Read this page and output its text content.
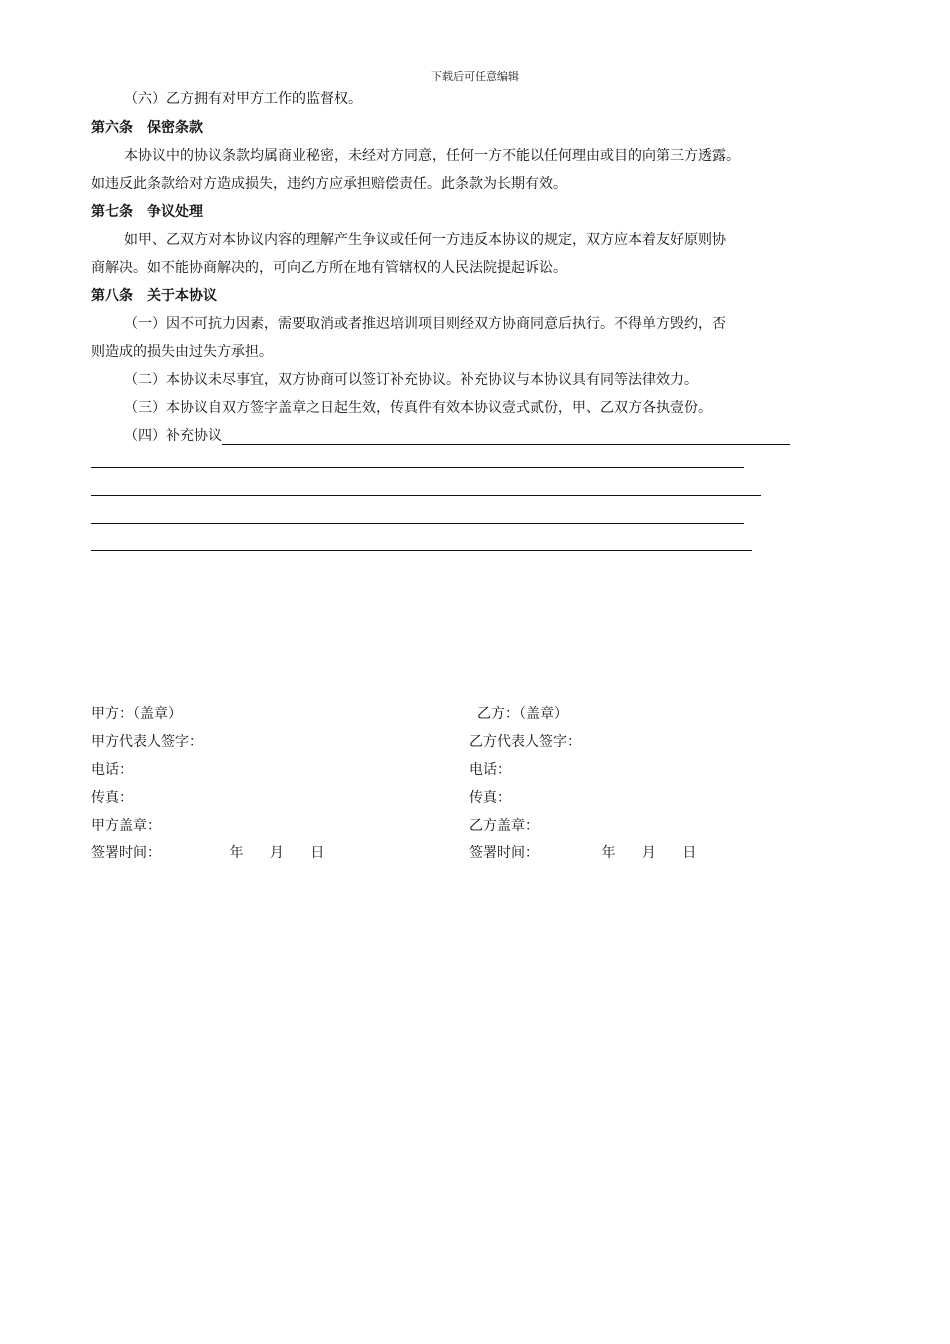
下载后可任意编辑
（六）乙方拥有对甲方工作的监督权。
第六条　保密条款
本协议中的协议条款均属商业秘密，未经对方同意，任何一方不能以任何理由或目的向第三方透露。
如违反此条款给对方造成损失，违约方应承担赔偿责任。此条款为长期有效。
第七条　争议处理
如甲、乙双方对本协议内容的理解产生争议或任何一方违反本协议的规定，双方应本着友好原则协
商解决。如不能协商解决的，可向乙方所在地有管辖权的人民法院提起诉讼。
第八条　关于本协议
（一）因不可抗力因素，需要取消或者推迟培训项目则经双方协商同意后执行。不得单方毁约，否
则造成的损失由过失方承担。
（二）本协议未尽事宜，双方协商可以签订补充协议。补充协议与本协议具有同等法律效力。
（三）本协议自双方签字盖章之日起生效，传真件有效本协议壹式贰份，甲、乙双方各执壹份。
（四）补充协议
甲方：（盖章）
甲方代表人签字：
电话：
传真：
甲方盖章：
签署时间：	年 月 日
乙方：（盖章）
乙方代表人签字：
电话：
传真：
乙方盖章：
签署时间：	年 月 日
